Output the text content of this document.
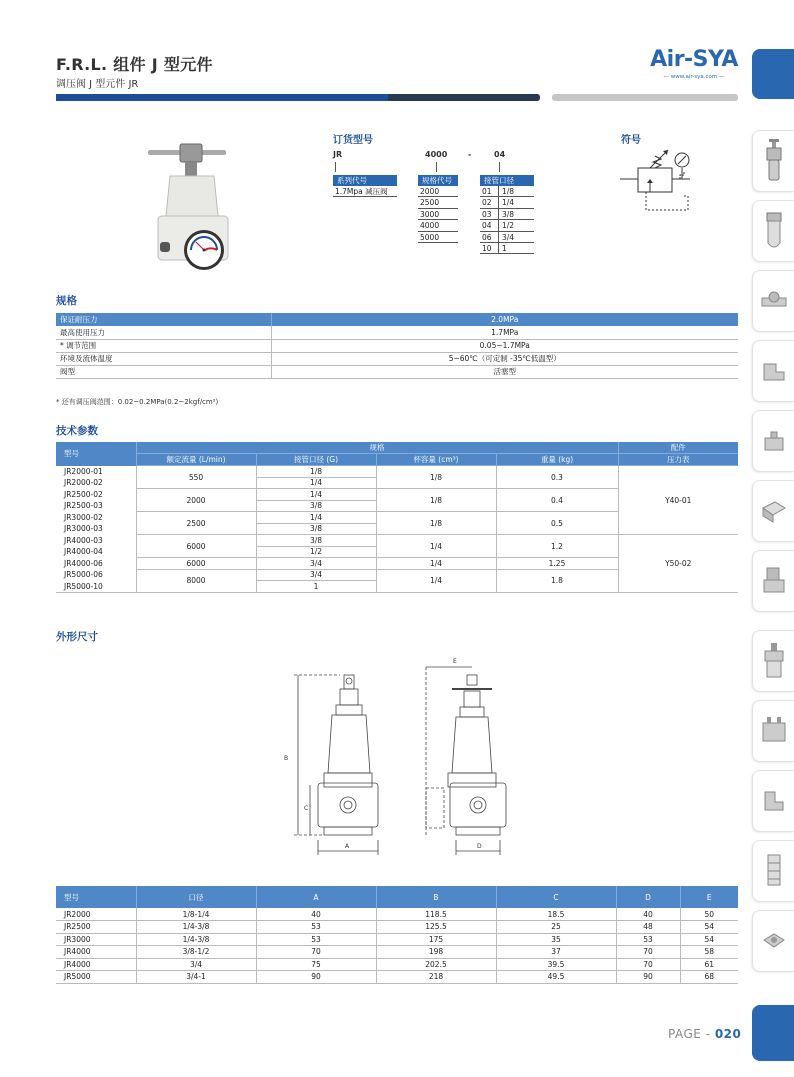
F.R.L. 组件 J 型元件
调压阀 J 型元件 JR
Air-SYA
— www.air-sya.com —
订货型号
JR	4000	-	04
系列代号
1.7Mpa 减压阀
规格代号
2000
2500
3000
4000
5000
接管口径
01	1/8
02	1/4
03	3/8
04	1/2
06	3/4
10	1
符号
规格
保证耐压力	2.0MPa
最高使用压力	1.7MPa
* 调节范围	0.05~1.7MPa
环境及流体温度	5~60℃（可定制 -35℃低温型）
阀型	活塞型
* 还有调压阀范围：0.02~0.2MPa(0.2~2kgf/cm²)
技术参数
型号	规格				配件
	额定流量 (L/min)	接管口径 (G)	杯容量 (cm³)	重量 (kg)	压力表
JR2000-01	550	1/8	1/8	0.3	Y40-01
JR2000-02		1/4			
JR2500-02	2000	1/4	1/8	0.4	
JR2500-03		3/8			
JR3000-02	2500	1/4	1/8	0.5	
JR3000-03		3/8			
JR4000-03	6000	3/8	1/4	1.2	Y50-02
JR4000-04		1/2			
JR4000-06	6000	3/4	1/4	1.25	
JR5000-06	8000	3/4	1/4	1.8	
JR5000-10		1			
外形尺寸
B
C
A
E
D
型号	口径	A	B	C	D	E
JR2000	1/8-1/4	40	118.5	18.5	40	50
JR2500	1/4-3/8	53	125.5	25	48	54
JR3000	1/4-3/8	53	175	35	53	54
JR4000	3/8-1/2	70	198	37	70	58
JR4000	3/4	75	202.5	39.5	70	61
JR5000	3/4-1	90	218	49.5	90	68
PAGE - 020
